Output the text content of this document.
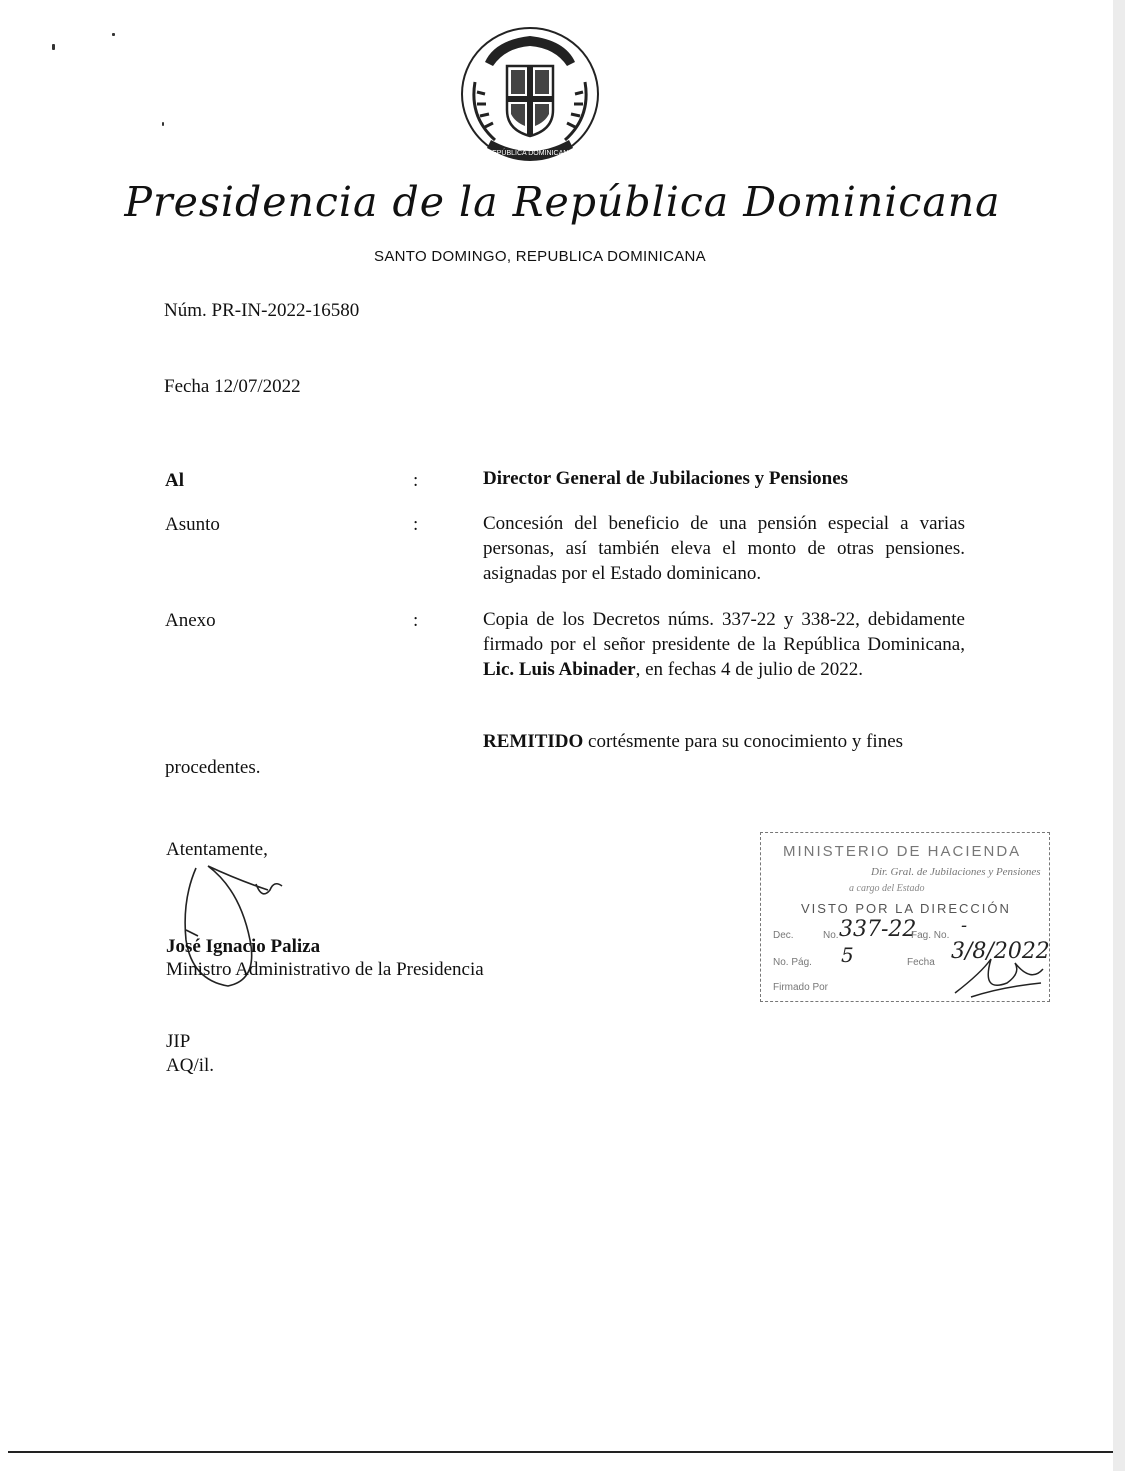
REPÚBLICA DOMINICANA
Presidencia de la República Dominicana
SANTO DOMINGO, REPUBLICA DOMINICANA
Núm. PR-IN-2022-16580
Fecha 12/07/2022
Al	:	Director General de Jubilaciones y Pensiones
Asunto	:	Concesión del beneficio de una pensión especial a varias personas, así también eleva el monto de otras pensiones. asignadas por el Estado dominicano.
Anexo	:	Copia de los Decretos núms. 337-22 y 338-22, debidamente firmado por el señor presidente de la República Dominicana, Lic. Luis Abinader, en fechas 4 de julio de 2022.
REMITIDO cortésmente para su conocimiento y fines
procedentes.
Atentamente,
José Ignacio Paliza
Ministro Administrativo de la Presidencia
JIP
AQ/il.
MINISTERIO DE HACIENDA
Dir. Gral. de Jubilaciones y Pensiones
a cargo del Estado
VISTO POR LA DIRECCIÓN
Dec.	No. 337-22
Fag. No. -
No. Pág. 5	Fecha 3/8/2022
Firmado Por
